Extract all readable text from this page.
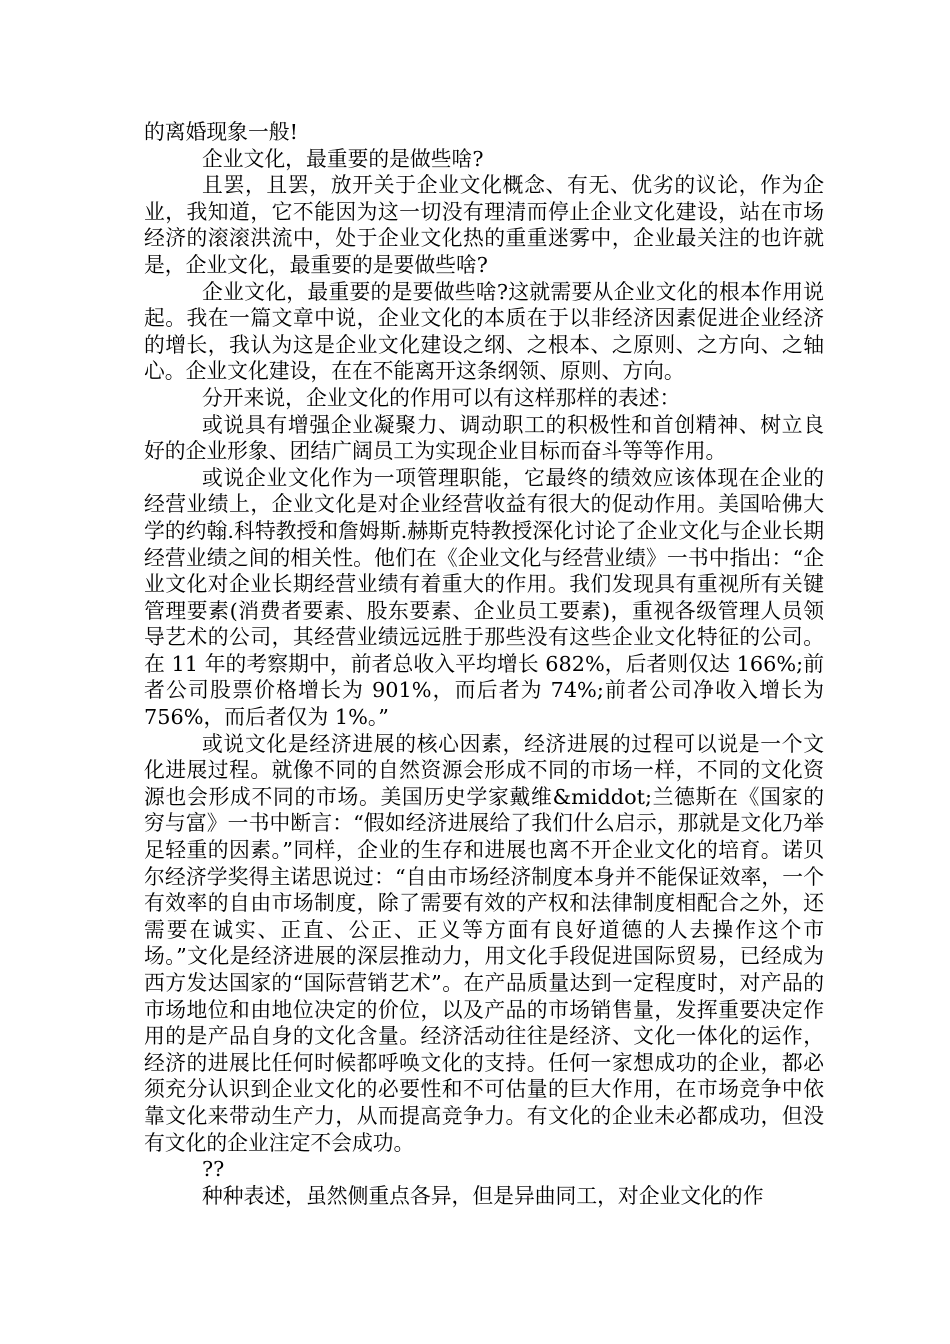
的离婚现象一般!

企业文化，最重要的是做些啥?

且罢，且罢，放开关于企业文化概念、有无、优劣的议论，作为企业，我知道，它不能因为这一切没有理清而停止企业文化建设，站在市场经济的滚滚洪流中，处于企业文化热的重重迷雾中，企业最关注的也许就是，企业文化，最重要的是要做些啥?

企业文化，最重要的是要做些啥?这就需要从企业文化的根本作用说起。我在一篇文章中说，企业文化的本质在于以非经济因素促进企业经济的增长，我认为这是企业文化建设之纲、之根本、之原则、之方向、之轴心。企业文化建设，在在不能离开这条纲领、原则、方向。

分开来说，企业文化的作用可以有这样那样的表述：

或说具有增强企业凝聚力、调动职工的积极性和首创精神、树立良好的企业形象、团结广阔员工为实现企业目标而奋斗等等作用。

或说企业文化作为一项管理职能，它最终的绩效应该体现在企业的经营业绩上，企业文化是对企业经营收益有很大的促动作用。美国哈佛大学的约翰.科特教授和詹姆斯.赫斯克特教授深化讨论了企业文化与企业长期经营业绩之间的相关性。他们在《企业文化与经营业绩》一书中指出：“企业文化对企业长期经营业绩有着重大的作用。我们发现具有重视所有关键管理要素(消费者要素、股东要素、企业员工要素)，重视各级管理人员领导艺术的公司，其经营业绩远远胜于那些没有这些企业文化特征的公司。在 11 年的考察期中，前者总收入平均增长 682%，后者则仅达 166%;前者公司股票价格增长为 901%，而后者为 74%;前者公司净收入增长为 756%，而后者仅为 1%。”

或说文化是经济进展的核心因素，经济进展的过程可以说是一个文化进展过程。就像不同的自然资源会形成不同的市场一样，不同的文化资源也会形成不同的市场。美国历史学家戴维&middot;兰德斯在《国家的穷与富》一书中断言：“假如经济进展给了我们什么启示，那就是文化乃举足轻重的因素。”同样，企业的生存和进展也离不开企业文化的培育。诺贝尔经济学奖得主诺思说过：“自由市场经济制度本身并不能保证效率，一个有效率的自由市场制度，除了需要有效的产权和法律制度相配合之外，还需要在诚实、正直、公正、正义等方面有良好道德的人去操作这个市场。”文化是经济进展的深层推动力，用文化手段促进国际贸易，已经成为西方发达国家的“国际营销艺术”。在产品质量达到一定程度时，对产品的市场地位和由地位决定的价位，以及产品的市场销售量，发挥重要决定作用的是产品自身的文化含量。经济活动往往是经济、文化一体化的运作，经济的进展比任何时候都呼唤文化的支持。任何一家想成功的企业，都必须充分认识到企业文化的必要性和不可估量的巨大作用，在市场竞争中依靠文化来带动生产力，从而提高竞争力。有文化的企业未必都成功，但没有文化的企业注定不会成功。

??

种种表述，虽然侧重点各异，但是异曲同工，对企业文化的作
